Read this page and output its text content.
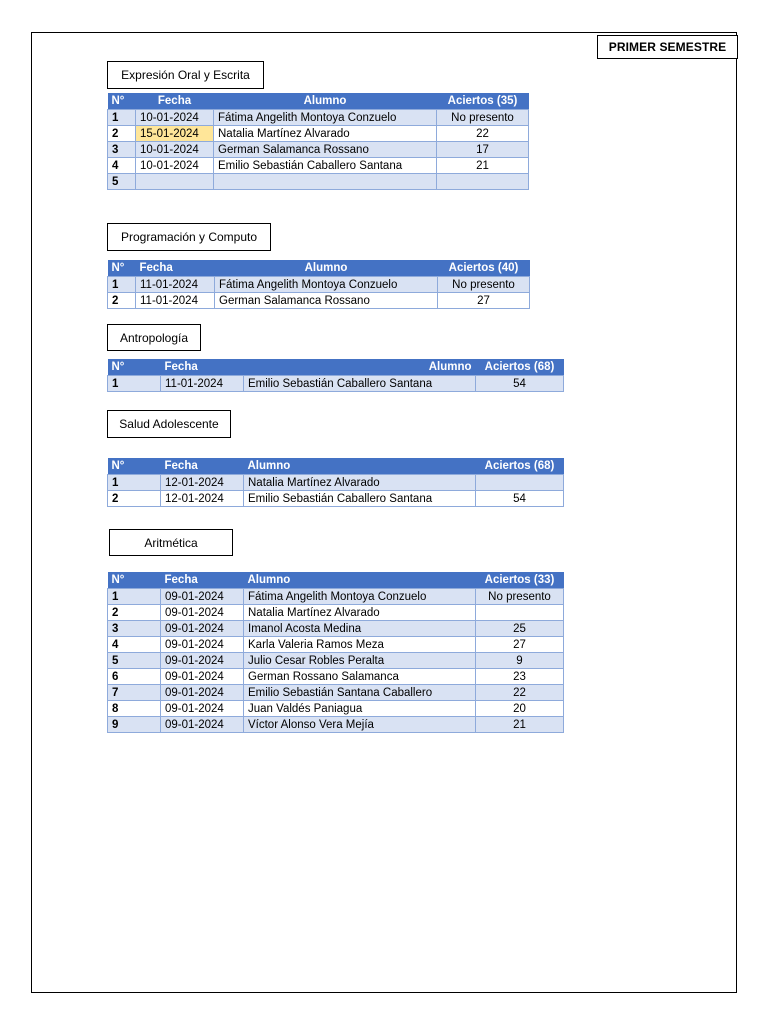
PRIMER SEMESTRE
Expresión Oral y Escrita
N°	Fecha	Alumno	Aciertos (35)
1	10-01-2024	Fátima Angelith Montoya Conzuelo	No presento
2	15-01-2024	Natalia Martínez Alvarado	22
3	10-01-2024	German Salamanca Rossano	17
4	10-01-2024	Emilio Sebastián Caballero Santana	21
5			
Programación y Computo
N°	Fecha	Alumno	Aciertos (40)
1	11-01-2024	Fátima Angelith Montoya Conzuelo	No presento
2	11-01-2024	German Salamanca Rossano	27
Antropología
N°	Fecha	Alumno	Aciertos (68)
1	11-01-2024	Emilio Sebastián Caballero Santana	54
Salud Adolescente
N°	Fecha	Alumno	Aciertos (68)
1	12-01-2024	Natalia Martínez Alvarado	
2	12-01-2024	Emilio Sebastián Caballero Santana	54
Aritmética
N°	Fecha	Alumno	Aciertos (33)
1	09-01-2024	Fátima Angelith Montoya Conzuelo	No presento
2	09-01-2024	Natalia Martínez Alvarado	
3	09-01-2024	Imanol Acosta Medina	25
4	09-01-2024	Karla Valeria Ramos Meza	27
5	09-01-2024	Julio Cesar Robles Peralta	9
6	09-01-2024	German Rossano Salamanca	23
7	09-01-2024	Emilio Sebastián Santana Caballero	22
8	09-01-2024	Juan Valdés Paniagua	20
9	09-01-2024	Víctor Alonso Vera Mejía	21
